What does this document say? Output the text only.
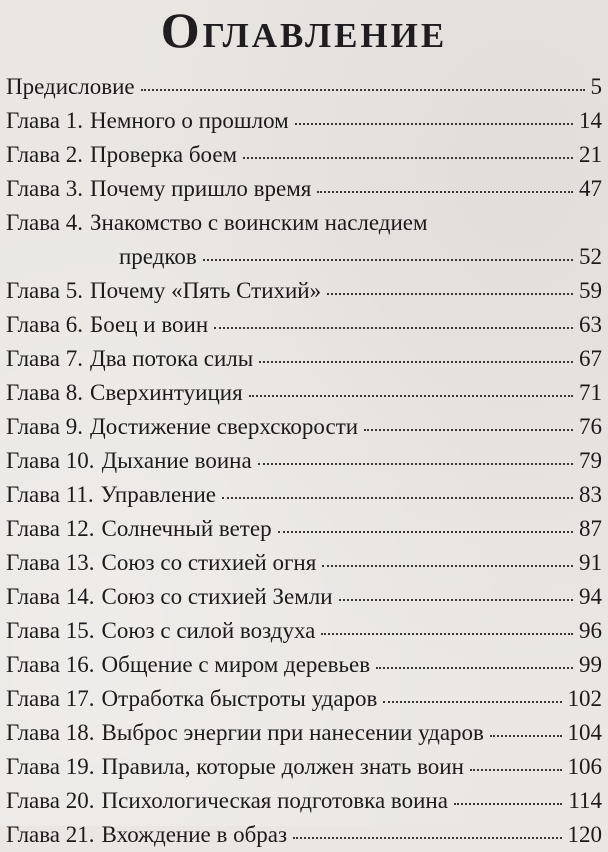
Оглавление
Предисловие	5
Глава 1. Немного о прошлом	14
Глава 2. Проверка боем	21
Глава 3. Почему пришло время	47
Глава 4. Знакомство с воинским наследием
предков	52
Глава 5. Почему «Пять Стихий»	59
Глава 6. Боец и воин	63
Глава 7. Два потока силы	67
Глава 8. Сверхинтуиция	71
Глава 9. Достижение сверхскорости	76
Глава 10. Дыхание воина	79
Глава 11. Управление	83
Глава 12. Солнечный ветер	87
Глава 13. Союз со стихией огня	91
Глава 14. Союз со стихией Земли	94
Глава 15. Союз с силой воздуха	96
Глава 16. Общение с миром деревьев	99
Глава 17. Отработка быстроты ударов	102
Глава 18. Выброс энергии при нанесении ударов	104
Глава 19. Правила, которые должен знать воин	106
Глава 20. Психологическая подготовка воина	114
Глава 21. Вхождение в образ	120
